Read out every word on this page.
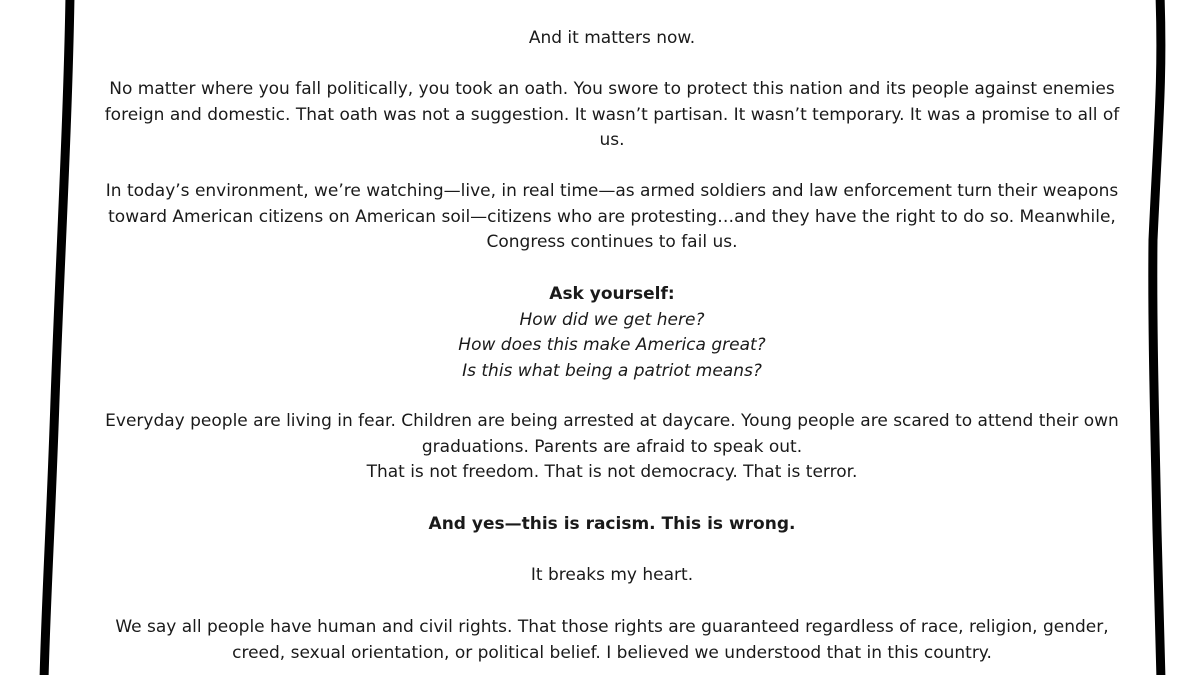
And it matters now.

No matter where you fall politically, you took an oath. You swore to protect this nation and its people against enemies foreign and domestic. That oath was not a suggestion. It wasn’t partisan. It wasn’t temporary. It was a promise to all of us.

In today’s environment, we’re watching—live, in real time—as armed soldiers and law enforcement turn their weapons toward American citizens on American soil—citizens who are protesting…and they have the right to do so. Meanwhile, Congress continues to fail us.

Ask yourself:
How did we get here?
How does this make America great?
Is this what being a patriot means?
Everyday people are living in fear. Children are being arrested at daycare. Young people are scared to attend their own graduations. Parents are afraid to speak out.
That is not freedom. That is not democracy. That is terror.

And yes—this is racism. This is wrong.

It breaks my heart.

We say all people have human and civil rights. That those rights are guaranteed regardless of race, religion, gender, creed, sexual orientation, or political belief. I believed we understood that in this country.
